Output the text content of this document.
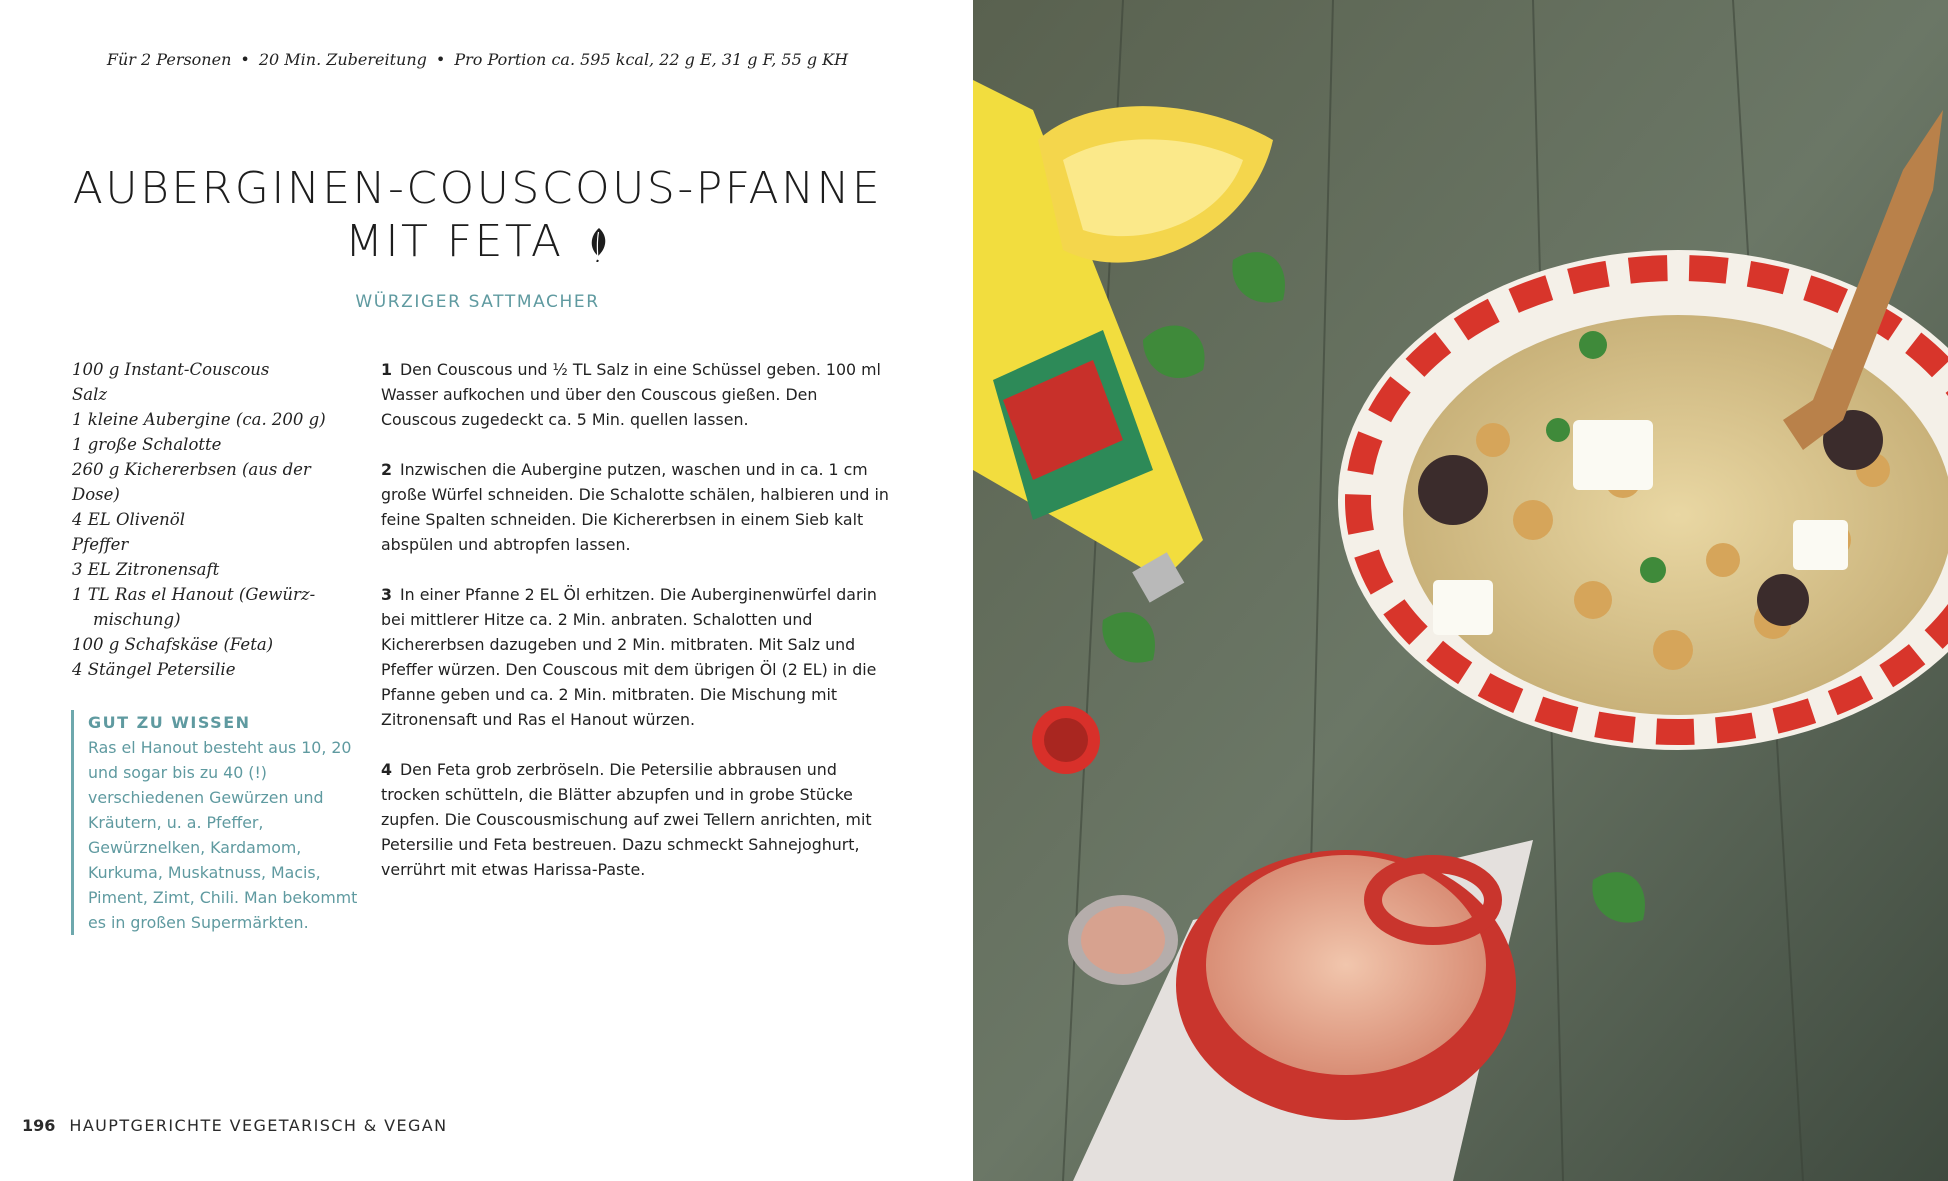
Für 2 Personen • 20 Min. Zubereitung • Pro Portion ca. 595 kcal, 22 g E, 31 g F, 55 g KH
AUBERGINEN-COUSCOUS-PFANNE
MIT FETA
WÜRZIGER SATTMACHER
100 g Instant-Couscous
Salz
1 kleine Aubergine (ca. 200 g)
1 große Schalotte
260 g Kichererbsen (aus der Dose)
4 EL Olivenöl
Pfeffer
3 EL Zitronensaft
1 TL Ras el Hanout (Gewürz- mischung)
100 g Schafskäse (Feta)
4 Stängel Petersilie
GUT ZU WISSEN
Ras el Hanout besteht aus 10, 20 und sogar bis zu 40 (!) verschiedenen Gewürzen und Kräutern, u. a. Pfeffer, Gewürznelken, Kardamom, Kurkuma, Muskatnuss, Macis, Piment, Zimt, Chili. Man bekommt es in großen Supermärkten.

1 Den Couscous und ½ TL Salz in eine Schüssel geben. 100 ml Wasser aufkochen und über den Couscous gießen. Den Couscous zugedeckt ca. 5 Min. quellen lassen.

2 Inzwischen die Aubergine putzen, waschen und in ca. 1 cm große Würfel schneiden. Die Schalotte schälen, halbieren und in feine Spalten schneiden. Die Kichererbsen in einem Sieb kalt abspülen und abtropfen lassen.

3 In einer Pfanne 2 EL Öl erhitzen. Die Auberginenwürfel darin bei mittlerer Hitze ca. 2 Min. anbraten. Schalotten und Kichererbsen dazugeben und 2 Min. mitbraten. Mit Salz und Pfeffer würzen. Den Couscous mit dem übrigen Öl (2 EL) in die Pfanne geben und ca. 2 Min. mitbraten. Die Mischung mit Zitronensaft und Ras el Hanout würzen.

4 Den Feta grob zerbröseln. Die Petersilie abbrausen und trocken schütteln, die Blätter abzupfen und in grobe Stücke zupfen. Die Couscousmischung auf zwei Tellern anrichten, mit Petersilie und Feta bestreuen. Dazu schmeckt Sahnejoghurt, verrührt mit etwas Harissa-Paste.

196 HAUPTGERICHTE VEGETARISCH & VEGAN
